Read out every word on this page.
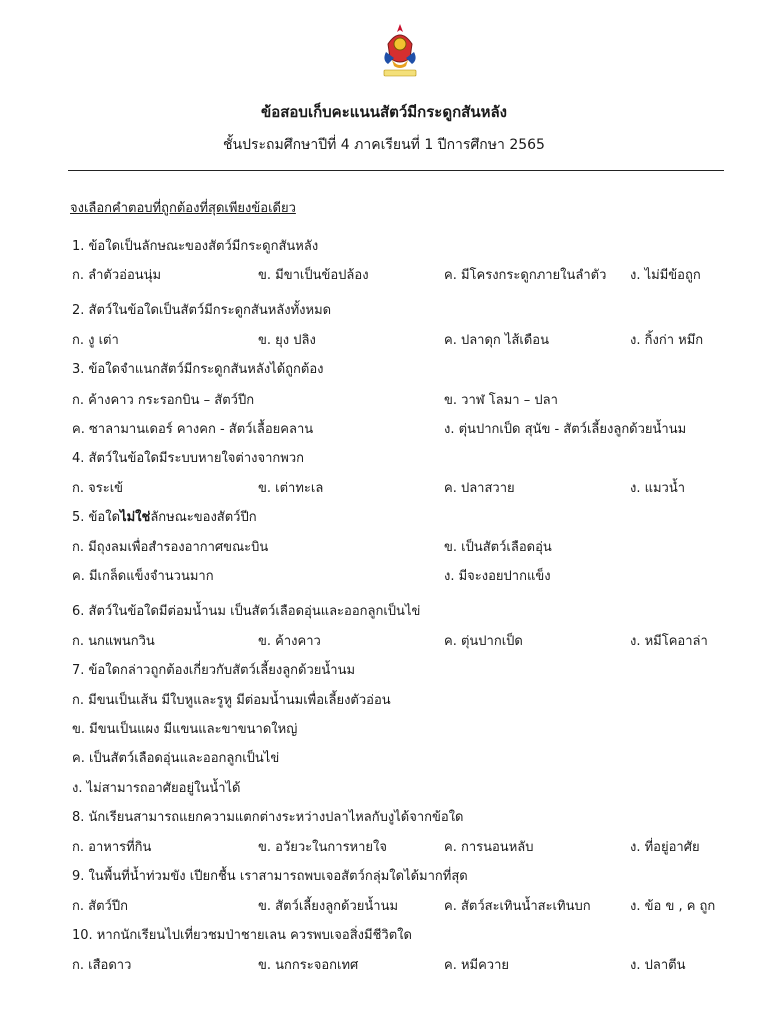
ข้อสอบเก็บคะแนนสัตว์มีกระดูกสันหลัง
ชั้นประถมศึกษาปีที่ 4 ภาคเรียนที่ 1 ปีการศึกษา 2565
จงเลือกคำตอบที่ถูกต้องที่สุดเพียงข้อเดียว
1. ข้อใดเป็นลักษณะของสัตว์มีกระดูกสันหลัง
ก. ลำตัวอ่อนนุ่ม	ข. มีขาเป็นข้อปล้อง	ค. มีโครงกระดูกภายในลำตัว ง. ไม่มีข้อถูก
2. สัตว์ในข้อใดเป็นสัตว์มีกระดูกสันหลังทั้งหมด
ก. งู เต่า	ข. ยุง ปลิง	ค. ปลาดุก ไส้เดือน	ง. กิ้งก่า หมึก
3. ข้อใดจำแนกสัตว์มีกระดูกสันหลังได้ถูกต้อง
ก. ค้างคาว กระรอกบิน – สัตว์ปีก	ข. วาฬ โลมา – ปลา
ค. ซาลามานเดอร์ คางคก - สัตว์เลื้อยคลาน	ง. ตุ่นปากเป็ด สุนัข - สัตว์เลี้ยงลูกด้วยน้ำนม
4. สัตว์ในข้อใดมีระบบหายใจต่างจากพวก
ก. จระเข้	ข. เต่าทะเล	ค. ปลาสวาย	ง. แมวน้ำ
5. ข้อใดไม่ใช่ลักษณะของสัตว์ปีก
ก. มีถุงลมเพื่อสำรองอากาศขณะบิน	ข. เป็นสัตว์เลือดอุ่น
ค. มีเกล็ดแข็งจำนวนมาก	ง. มีจะงอยปากแข็ง
6. สัตว์ในข้อใดมีต่อมน้ำนม เป็นสัตว์เลือดอุ่นและออกลูกเป็นไข่
ก. นกแพนกวิน	ข. ค้างคาว	ค. ตุ่นปากเป็ด	ง. หมีโคอาล่า
7. ข้อใดกล่าวถูกต้องเกี่ยวกับสัตว์เลี้ยงลูกด้วยน้ำนม
ก. มีขนเป็นเส้น มีใบหูและรูหู มีต่อมน้ำนมเพื่อเลี้ยงตัวอ่อน
ข. มีขนเป็นแผง มีแขนและขาขนาดใหญ่
ค. เป็นสัตว์เลือดอุ่นและออกลูกเป็นไข่
ง. ไม่สามารถอาศัยอยู่ในน้ำได้
8. นักเรียนสามารถแยกความแตกต่างระหว่างปลาไหลกับงูได้จากข้อใด
ก. อาหารที่กิน	ข. อวัยวะในการหายใจ	ค. การนอนหลับ	ง. ที่อยู่อาศัย
9. ในพื้นที่น้ำท่วมขัง เปียกชื้น เราสามารถพบเจอสัตว์กลุ่มใดได้มากที่สุด
ก. สัตว์ปีก	ข. สัตว์เลี้ยงลูกด้วยน้ำนม	ค. สัตว์สะเทินน้ำสะเทินบก	ง. ข้อ ข , ค ถูก
10. หากนักเรียนไปเที่ยวชมป่าชายเลน ควรพบเจอสิ่งมีชีวิตใด
ก. เสือดาว	ข. นกกระจอกเทศ	ค. หมีควาย	ง. ปลาตีน
